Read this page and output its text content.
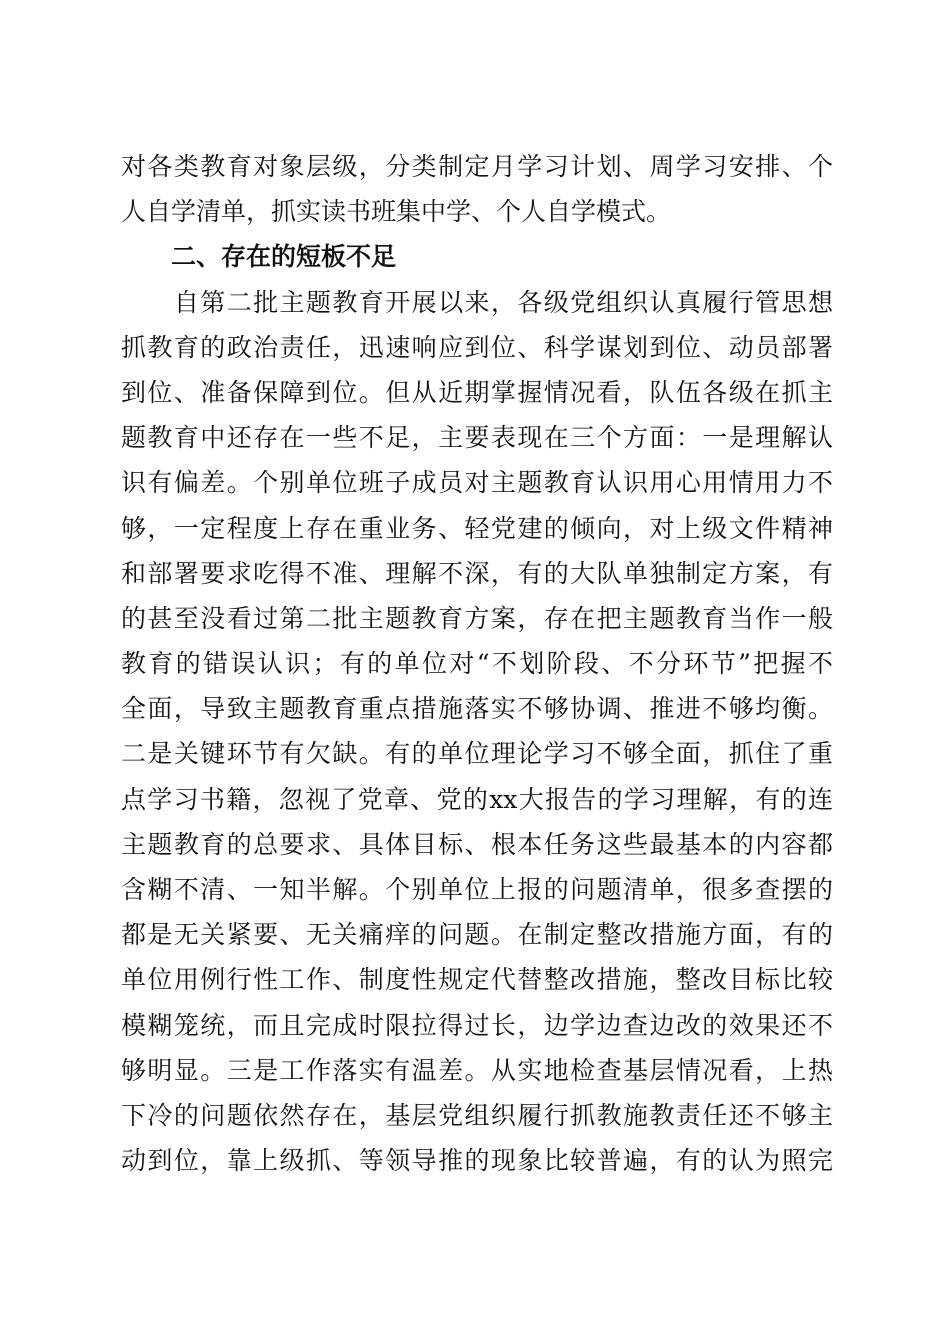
对各类教育对象层级，分类制定月学习计划、周学习安排、个
人自学清单，抓实读书班集中学、个人自学模式。
二、存在的短板不足
　　自第二批主题教育开展以来，各级党组织认真履行管思想
抓教育的政治责任，迅速响应到位、科学谋划到位、动员部署
到位、准备保障到位。但从近期掌握情况看，队伍各级在抓主
题教育中还存在一些不足，主要表现在三个方面：一是理解认
识有偏差。个别单位班子成员对主题教育认识用心用情用力不
够，一定程度上存在重业务、轻党建的倾向，对上级文件精神
和部署要求吃得不准、理解不深，有的大队单独制定方案，有
的甚至没看过第二批主题教育方案，存在把主题教育当作一般
教育的错误认识；有的单位对“不划阶段、不分环节”把握不
全面，导致主题教育重点措施落实不够协调、推进不够均衡。
二是关键环节有欠缺。有的单位理论学习不够全面，抓住了重
点学习书籍，忽视了党章、党的xx大报告的学习理解，有的连
主题教育的总要求、具体目标、根本任务这些最基本的内容都
含糊不清、一知半解。个别单位上报的问题清单，很多查摆的
都是无关紧要、无关痛痒的问题。在制定整改措施方面，有的
单位用例行性工作、制度性规定代替整改措施，整改目标比较
模糊笼统，而且完成时限拉得过长，边学边查边改的效果还不
够明显。三是工作落实有温差。从实地检查基层情况看，上热
下冷的问题依然存在，基层党组织履行抓教施教责任还不够主
动到位，靠上级抓、等领导推的现象比较普遍，有的认为照完
